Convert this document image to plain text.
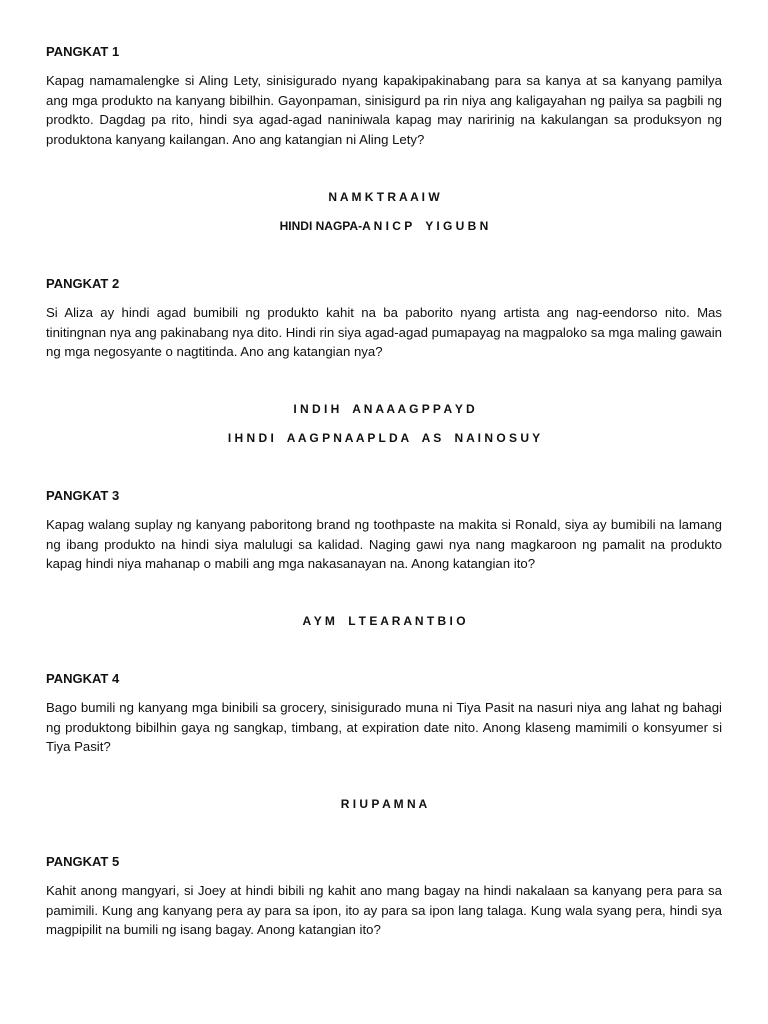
PANGKAT 1

Kapag namamalengke si Aling Lety, sinisigurado nyang kapakipakinabang para sa kanya at sa kanyang pamilya ang mga produkto na kanyang bibilhin. Gayonpaman, sinisigurd pa rin niya ang kaligayahan ng pailya sa pagbili ng prodkto. Dagdag pa rito, hindi sya agad-agad naniniwala kapag may naririnig na kakulangan sa produksyon ng produktona kanyang kailangan. Ano ang katangian ni Aling Lety?

N A M K T R A A I W
HINDI NAGPA-A N I C P    Y I G U B N
PANGKAT 2

Si Aliza ay hindi agad bumibili ng produkto kahit na ba paborito nyang artista ang nag-eendorso nito. Mas tinitingnan nya ang pakinabang nya dito. Hindi rin siya agad-agad pumapayag na magpaloko sa mga maling gawain ng mga negosyante o nagtitinda. Ano ang katangian nya?

I N D I H    A N A A A G P P A Y D
I H N D I    A A G P N A A P L D A    A S    N A I N O S U Y
PANGKAT 3

Kapag walang suplay ng kanyang paboritong brand ng toothpaste na makita si Ronald, siya ay bumibili na lamang ng ibang produkto na hindi siya malulugi sa kalidad. Naging gawi nya nang magkaroon ng pamalit na produkto kapag hindi niya mahanap o mabili ang mga nakasanayan na. Anong katangian ito?

A Y M    L T E A R A N T B I O
PANGKAT 4

Bago bumili ng kanyang mga binibili sa grocery, sinisigurado muna ni Tiya Pasit na nasuri niya ang lahat ng bahagi ng produktong bibilhin gaya ng sangkap, timbang, at expiration date nito. Anong klaseng mamimili o konsyumer si Tiya Pasit?

R I U P A M N A
PANGKAT 5

Kahit anong mangyari, si Joey at hindi bibili ng kahit ano mang bagay na hindi nakalaan sa kanyang pera para sa pamimili. Kung ang kanyang pera ay para sa ipon, ito ay para sa ipon lang talaga. Kung wala syang pera, hindi sya magpipilit na bumili ng isang bagay. Anong katangian ito?
